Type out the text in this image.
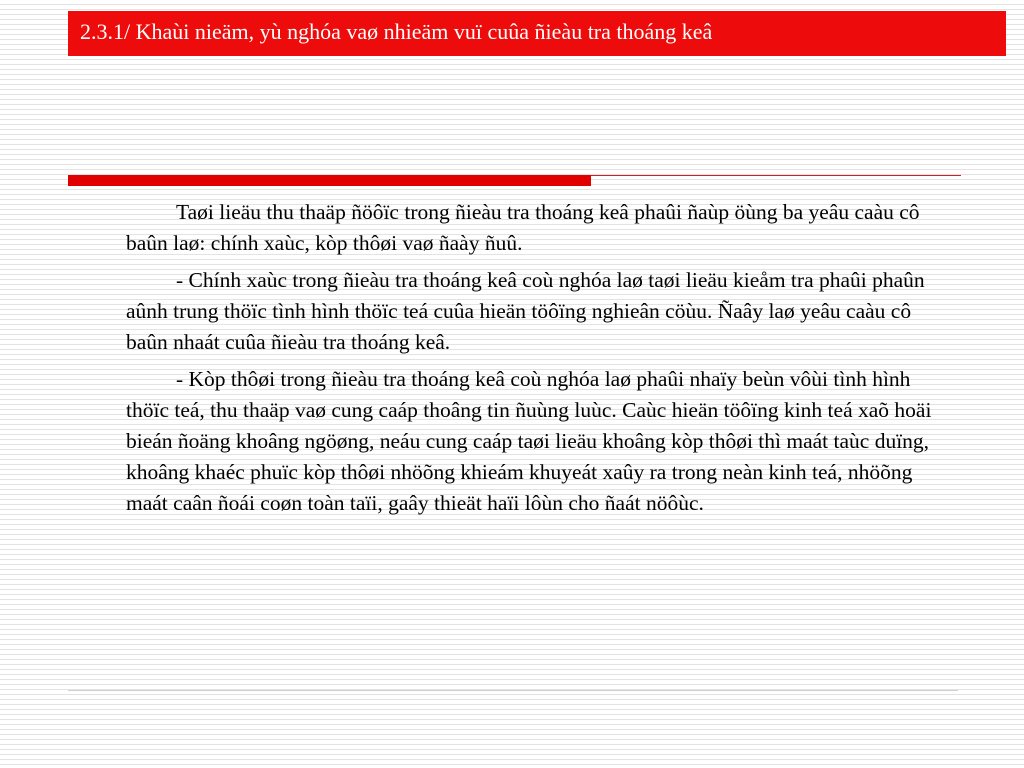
2.3.1/ Khaùi nieäm, yù nghóa vaø nhieäm vuï cuûa ñieàu tra thoáng keâ

Taøi lieäu thu thaäp ñöôïc trong ñieàu tra thoáng keâ phaûi ñaùp öùng ba yeâu caàu cô baûn laø: chính xaùc, kòp thôøi vaø ñaày ñuû.

- Chính xaùc trong ñieàu tra thoáng keâ coù nghóa laø taøi lieäu kieåm tra phaûi phaûn aûnh trung thöïc tình hình thöïc teá cuûa hieän töôïng nghieân cöùu. Ñaây laø yeâu caàu cô baûn nhaát cuûa ñieàu tra thoáng keâ.

- Kòp thôøi trong ñieàu tra thoáng keâ coù nghóa laø phaûi nhaïy beùn vôùi tình hình thöïc teá, thu thaäp vaø cung caáp thoâng tin ñuùng luùc. Caùc hieän töôïng kinh teá xaõ hoäi bieán ñoäng khoâng ngöøng, neáu cung caáp taøi lieäu khoâng kòp thôøi thì maát taùc duïng, khoâng khaéc phuïc kòp thôøi nhöõng khieám khuyeát xaûy ra trong neàn kinh teá, nhöõng maát caân ñoái coøn toàn taïi, gaây thieät haïi lôùn cho ñaát nöôùc.
